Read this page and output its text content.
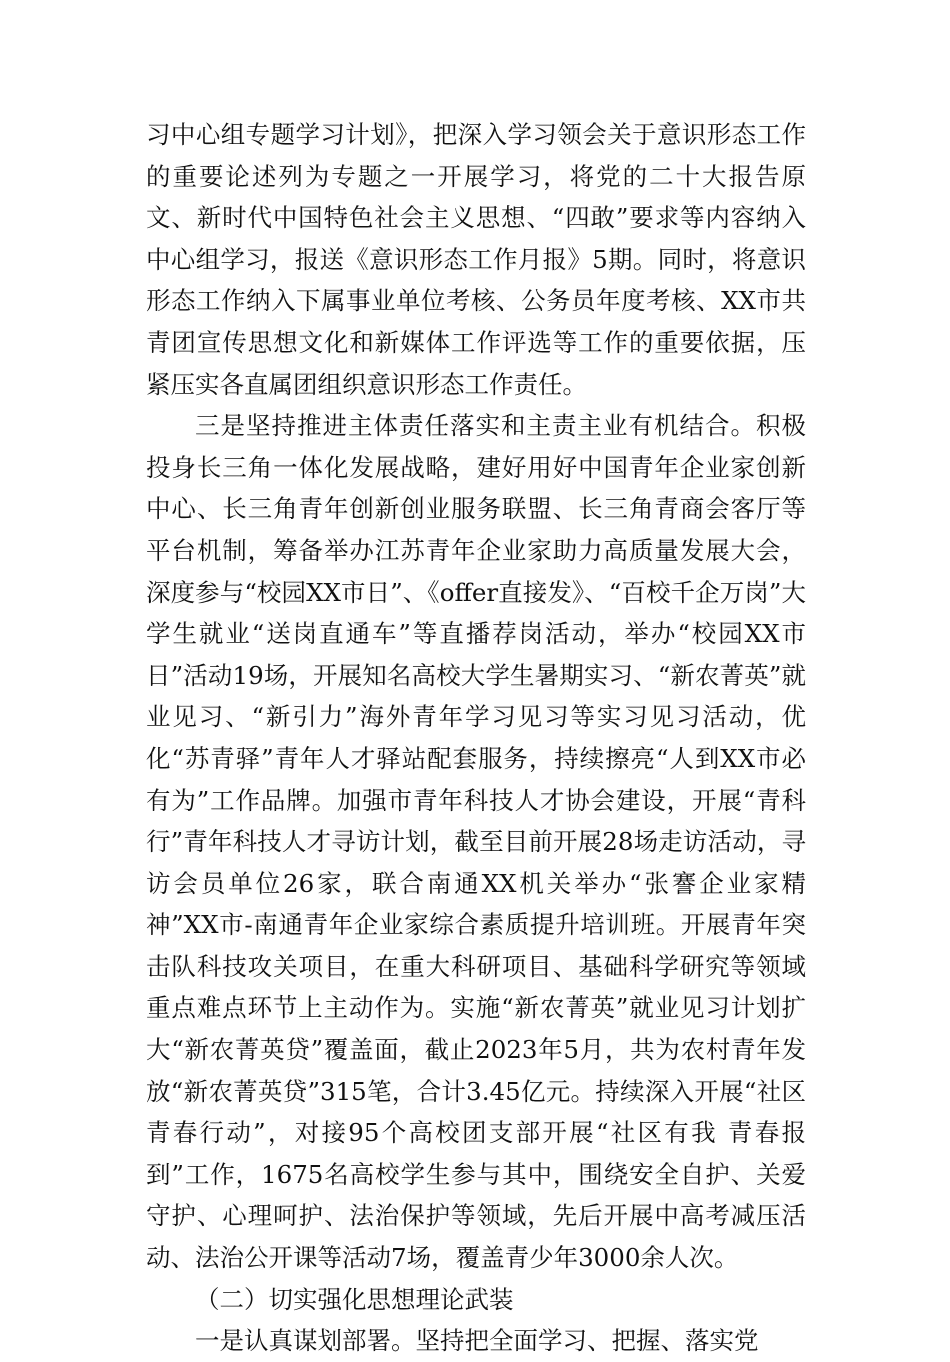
习中心组专题学习计划》，把深入学习领会关于意识形态工作的重要论述列为专题之一开展学习，将党的二十大报告原文、新时代中国特色社会主义思想、“四敢”要求等内容纳入中心组学习，报送《意识形态工作月报》5期。同时，将意识形态工作纳入下属事业单位考核、公务员年度考核、XX市共青团宣传思想文化和新媒体工作评选等工作的重要依据，压紧压实各直属团组织意识形态工作责任。

三是坚持推进主体责任落实和主责主业有机结合。积极投身长三角一体化发展战略，建好用好中国青年企业家创新中心、长三角青年创新创业服务联盟、长三角青商会客厅等平台机制，筹备举办江苏青年企业家助力高质量发展大会，深度参与“校园XX市日”、《offer直接发》、“百校千企万岗”大学生就业“送岗直通车”等直播荐岗活动，举办“校园XX市日”活动19场，开展知名高校大学生暑期实习、“新农菁英”就业见习、“新引力”海外青年学习见习等实习见习活动，优化“苏青驿”青年人才驿站配套服务，持续擦亮“人到XX市必有为”工作品牌。加强市青年科技人才协会建设，开展“青科行”青年科技人才寻访计划，截至目前开展28场走访活动，寻访会员单位26家，联合南通XX机关举办“张謇企业家精神”XX市-南通青年企业家综合素质提升培训班。开展青年突击队科技攻关项目，在重大科研项目、基础科学研究等领域重点难点环节上主动作为。实施“新农菁英”就业见习计划扩大“新农菁英贷”覆盖面，截止2023年5月，共为农村青年发放“新农菁英贷”315笔，合计3.45亿元。持续深入开展“社区青春行动”，对接95个高校团支部开展“社区有我 青春报到”工作，1675名高校学生参与其中，围绕安全自护、关爱守护、心理呵护、法治保护等领域，先后开展中高考减压活动、法治公开课等活动7场，覆盖青少年3000余人次。

（二）切实强化思想理论武装

一是认真谋划部署。坚持把全面学习、把握、落实党
